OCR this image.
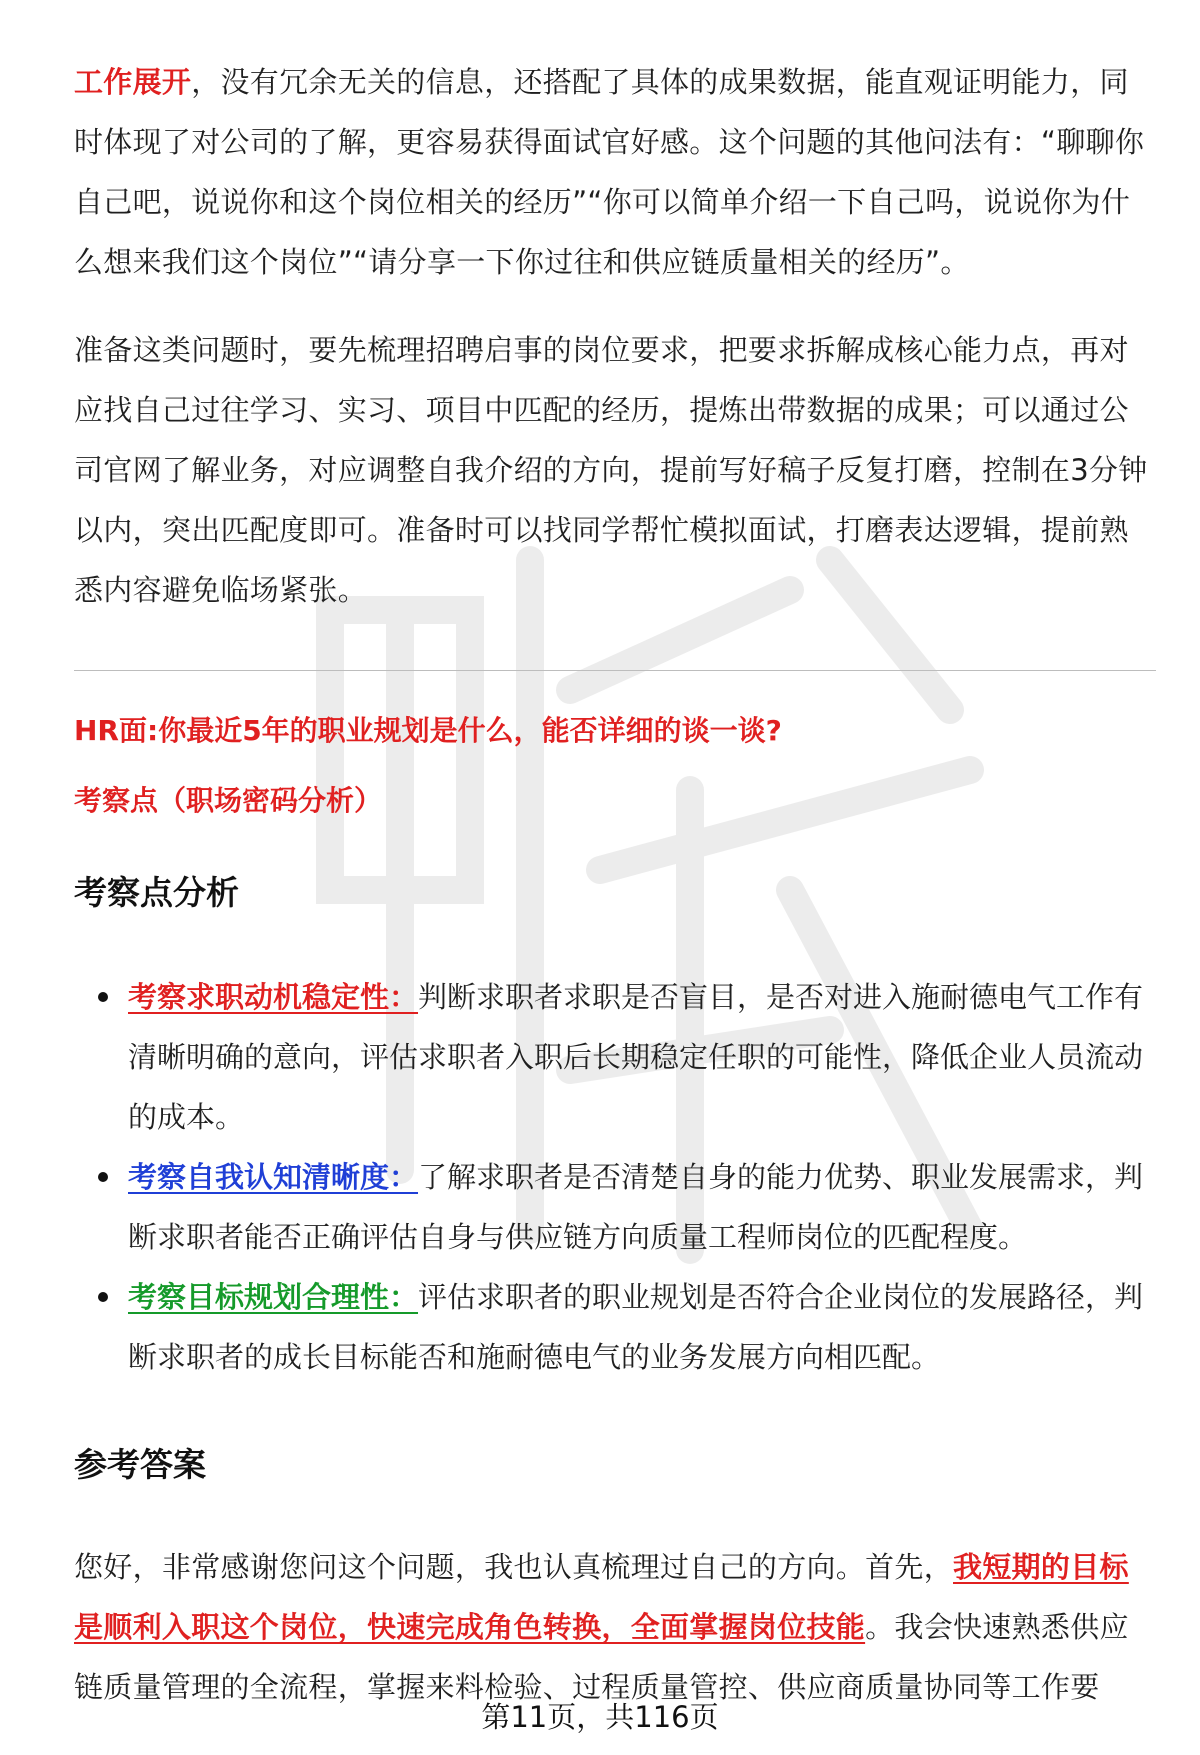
工作展开，没有冗余无关的信息，还搭配了具体的成果数据，能直观证明能力，同时体现了对公司的了解，更容易获得面试官好感。这个问题的其他问法有：“聊聊你自己吧，说说你和这个岗位相关的经历”“你可以简单介绍一下自己吗，说说你为什么想来我们这个岗位”“请分享一下你过往和供应链质量相关的经历”。

准备这类问题时，要先梳理招聘启事的岗位要求，把要求拆解成核心能力点，再对应找自己过往学习、实习、项目中匹配的经历，提炼出带数据的成果；可以通过公司官网了解业务，对应调整自我介绍的方向，提前写好稿子反复打磨，控制在3分钟以内，突出匹配度即可。准备时可以找同学帮忙模拟面试，打磨表达逻辑，提前熟悉内容避免临场紧张。

HR面:你最近5年的职业规划是什么，能否详细的谈一谈?

考察点（职场密码分析）

考察点分析

考察求职动机稳定性：判断求职者求职是否盲目，是否对进入施耐德电气工作有清晰明确的意向，评估求职者入职后长期稳定任职的可能性，降低企业人员流动的成本。
考察自我认知清晰度：了解求职者是否清楚自身的能力优势、职业发展需求，判断求职者能否正确评估自身与供应链方向质量工程师岗位的匹配程度。
考察目标规划合理性：评估求职者的职业规划是否符合企业岗位的发展路径，判断求职者的成长目标能否和施耐德电气的业务发展方向相匹配。

参考答案

您好，非常感谢您问这个问题，我也认真梳理过自己的方向。首先，我短期的目标是顺利入职这个岗位，快速完成角色转换，全面掌握岗位技能。我会快速熟悉供应链质量管理的全流程，掌握来料检验、过程质量管控、供应商质量协同等工作要

第11页，共116页
